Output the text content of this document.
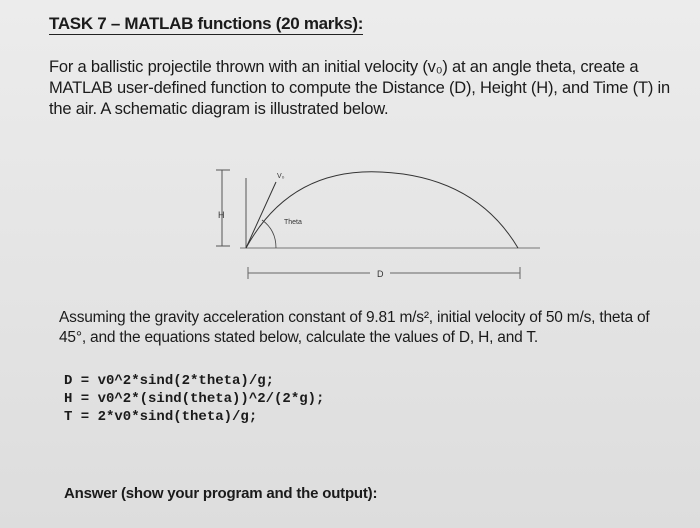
TASK 7 – MATLAB functions (20 marks):
For a ballistic projectile thrown with an initial velocity (v₀) at an angle theta, create a MATLAB user-defined function to compute the Distance (D), Height (H), and Time (T) in the air. A schematic diagram is illustrated below.
H
V₀
Theta
D
Assuming the gravity acceleration constant of 9.81 m/s², initial velocity of 50 m/s, theta of 45°, and the equations stated below, calculate the values of D, H, and T.
D = v0^2*sind(2*theta)/g;
H = v0^2*(sind(theta))^2/(2*g);
T = 2*v0*sind(theta)/g;
Answer (show your program and the output):
